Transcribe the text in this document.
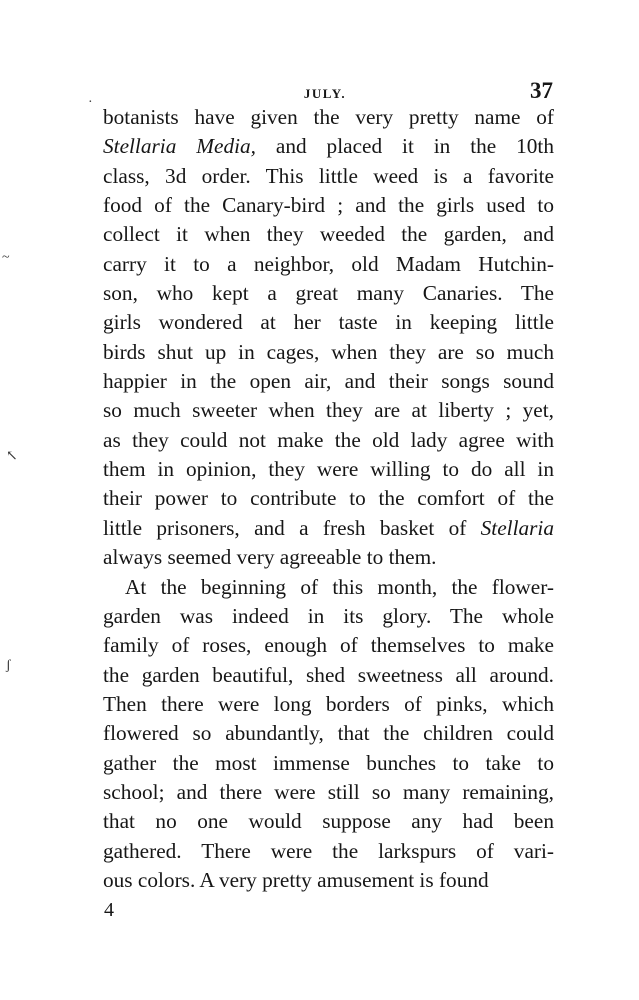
JULY.	37
botanists have given the very pretty name of
Stellaria Media, and placed it in the 10th
class, 3d order. This little weed is a favorite
food of the Canary-bird ; and the girls used to
collect it when they weeded the garden, and
carry it to a neighbor, old Madam Hutchin-
son, who kept a great many Canaries. The
girls wondered at her taste in keeping little
birds shut up in cages, when they are so much
happier in the open air, and their songs sound
so much sweeter when they are at liberty ; yet,
as they could not make the old lady agree with
them in opinion, they were willing to do all in
their power to contribute to the comfort of the
little prisoners, and a fresh basket of Stellaria
always seemed very agreeable to them.
At the beginning of this month, the flower-
garden was indeed in its glory. The whole
family of roses, enough of themselves to make
the garden beautiful, shed sweetness all around.
Then there were long borders of pinks, which
flowered so abundantly, that the children could
gather the most immense bunches to take to
school; and there were still so many remaining,
that no one would suppose any had been
gathered. There were the larkspurs of vari-
ous colors. A very pretty amusement is found
4
·
~
↖
ʃ
